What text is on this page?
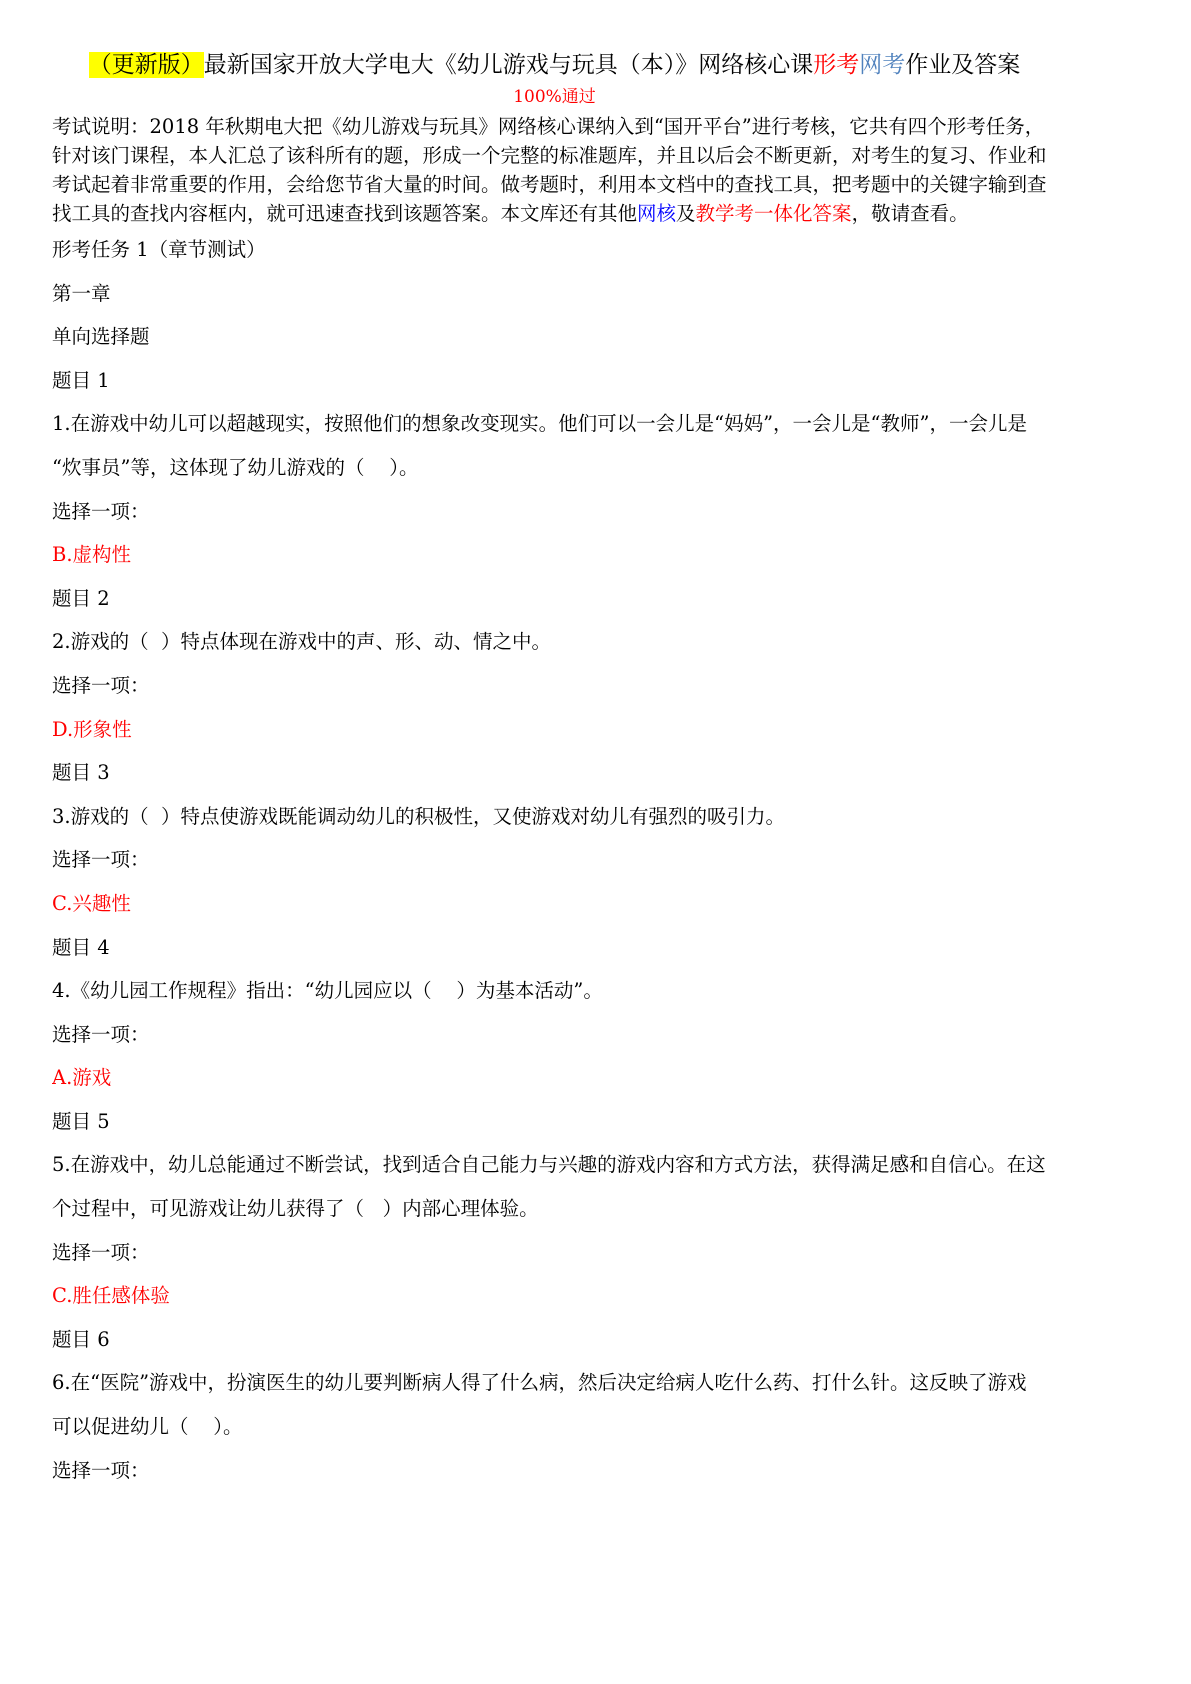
（更新版）最新国家开放大学电大《幼儿游戏与玩具（本）》网络核心课形考网考作业及答案
100%通过
考试说明：2018 年秋期电大把《幼儿游戏与玩具》网络核心课纳入到“国开平台”进行考核，它共有四个形考任务，
针对该门课程，本人汇总了该科所有的题，形成一个完整的标准题库，并且以后会不断更新，对考生的复习、作业和
考试起着非常重要的作用，会给您节省大量的时间。做考题时，利用本文档中的查找工具，把考题中的关键字输到查
找工具的查找内容框内，就可迅速查找到该题答案。本文库还有其他网核及教学考一体化答案，敬请查看。
形考任务 1（章节测试）
第一章
单向选择题
题目 1
1.在游戏中幼儿可以超越现实，按照他们的想象改变现实。他们可以一会儿是“妈妈”，一会儿是“教师”，一会儿是
“炊事员”等，这体现了幼儿游戏的（    ）。
选择一项：
B.虚构性
题目 2
2.游戏的（  ）特点体现在游戏中的声、形、动、情之中。
选择一项：
D.形象性
题目 3
3.游戏的（  ）特点使游戏既能调动幼儿的积极性，又使游戏对幼儿有强烈的吸引力。
选择一项：
C.兴趣性
题目 4
4.《幼儿园工作规程》指出：“幼儿园应以（    ）为基本活动”。
选择一项：
A.游戏
题目 5
5.在游戏中，幼儿总能通过不断尝试，找到适合自己能力与兴趣的游戏内容和方式方法，获得满足感和自信心。在这
个过程中，可见游戏让幼儿获得了（   ）内部心理体验。
选择一项：
C.胜任感体验
题目 6
6.在“医院”游戏中，扮演医生的幼儿要判断病人得了什么病，然后决定给病人吃什么药、打什么针。这反映了游戏
可以促进幼儿（    ）。
选择一项：
